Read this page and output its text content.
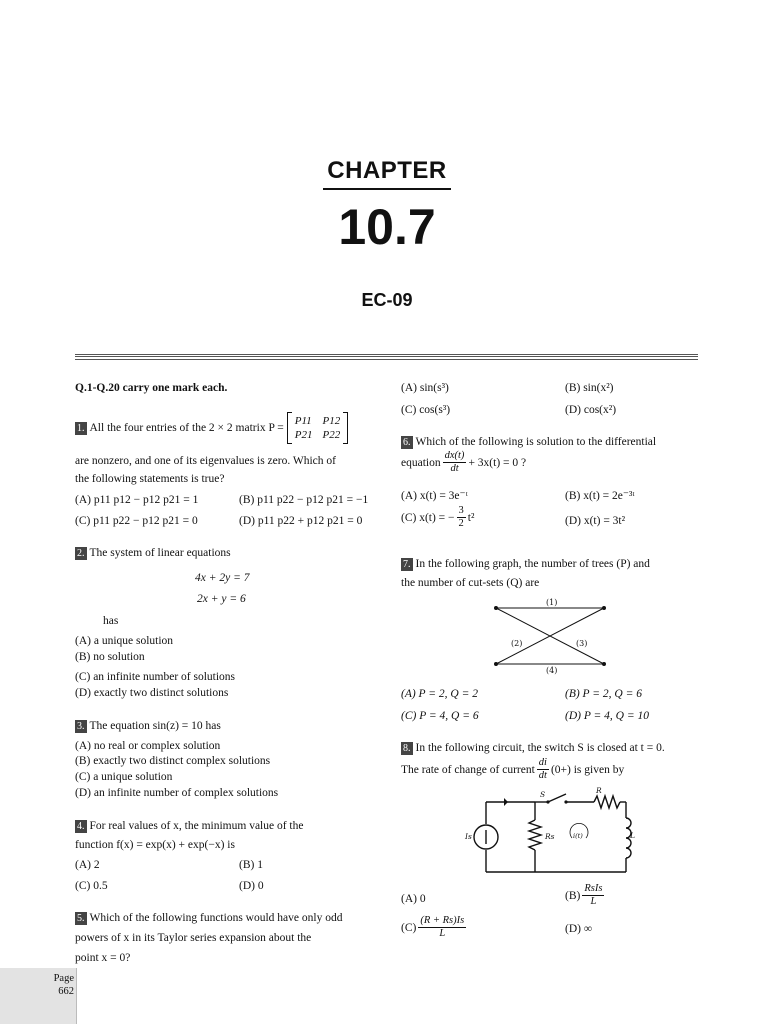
CHAPTER
10.7
EC-09
Q.1-Q.20 carry one mark each.
1. All the four entries of the 2 × 2 matrix P =
P11 P12
P21 P22
are nonzero, and one of its eigenvalues is zero. Which of
the following statements is true?
(A) p11 p12 − p12 p21 = 1	(B) p11 p22 − p12 p21 = −1
(C) p11 p22 − p12 p21 = 0	(D) p11 p22 + p12 p21 = 0
2. The system of linear equations
4x + 2y = 7
2x + y = 6
has
(A) a unique solution
(B) no solution
(C) an infinite number of solutions
(D) exactly two distinct solutions
3. The equation sin(z) = 10 has
(A) no real or complex solution
(B) exactly two distinct complex solutions
(C) a unique solution
(D) an infinite number of complex solutions
4. For real values of x, the minimum value of the
function f(x) = exp(x) + exp(−x) is
(A) 2	(B) 1
(C) 0.5	(D) 0
5. Which of the following functions would have only odd
powers of x in its Taylor series expansion about the
point x = 0?
Page
662
(A) sin(s³)	(B) sin(x²)
(C) cos(s³)	(D) cos(x²)
6. Which of the following is solution to the differential
equation $\frac{dx(t)}{dt} + 3x(t) = 0$ ?
(A) x(t) = 3e⁻ᵗ	(B) x(t) = 2e⁻³ᵗ
(C) x(t) = − $\frac{3}{2} t^2$	(D) x(t) = 3t²
7. In the following graph, the number of trees (P) and
the number of cut-sets (Q) are
(1)
(2)	(3)
(4)
(A) P = 2, Q = 2	(B) P = 2, Q = 6
(C) P = 4, Q = 6	(D) P = 4, Q = 10
8. In the following circuit, the switch S is closed at t = 0.
The rate of change of current $\frac{di}{dt} (0+)$ is given by
S	R
Is	Rs	i(t)	L
(A) 0	$(B) \frac{\text{RsIs}}{L}$
$(C) \frac{(R + Rs)Is}{L}$	(D) ∞
